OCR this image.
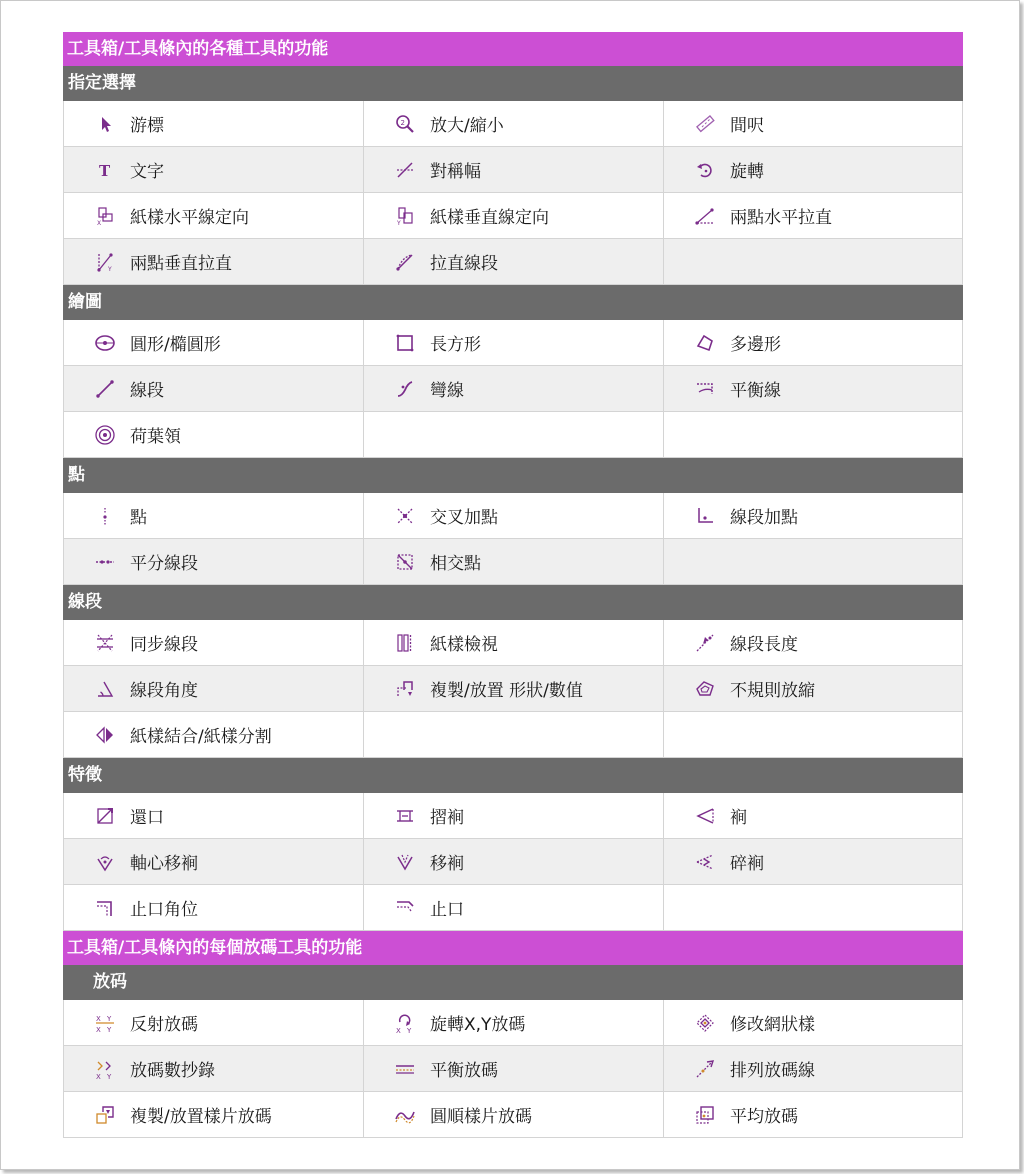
工具箱/工具條內的各種工具的功能
指定選擇
游標	2 放大/縮小	間呎
T 文字	對稱幅	旋轉
X 紙樣水平線定向	Y 紙樣垂直線定向	兩點水平拉直
Y 兩點垂直拉直	拉直線段
繪圖
圓形/橢圓形	長方形	多邊形
線段	彎線	平衡線
荷葉領
點
點	交叉加點	線段加點
平分線段	相交點
線段
同步線段	紙樣檢視	線段長度
線段角度	複製/放置 形狀/數值	不規則放縮
紙樣結合/紙樣分割
特徵
還口	摺裥	裥
軸心移裥	移裥	碎裥
止口角位	止口
工具箱/工具條內的每個放碼工具的功能
放码
X Y
X Y 反射放碼	X Y 旋轉X,Y放碼	修改網狀樣
X Y 放碼數抄錄	平衡放碼	排列放碼線
複製/放置樣片放碼	圓順樣片放碼	平均放碼
